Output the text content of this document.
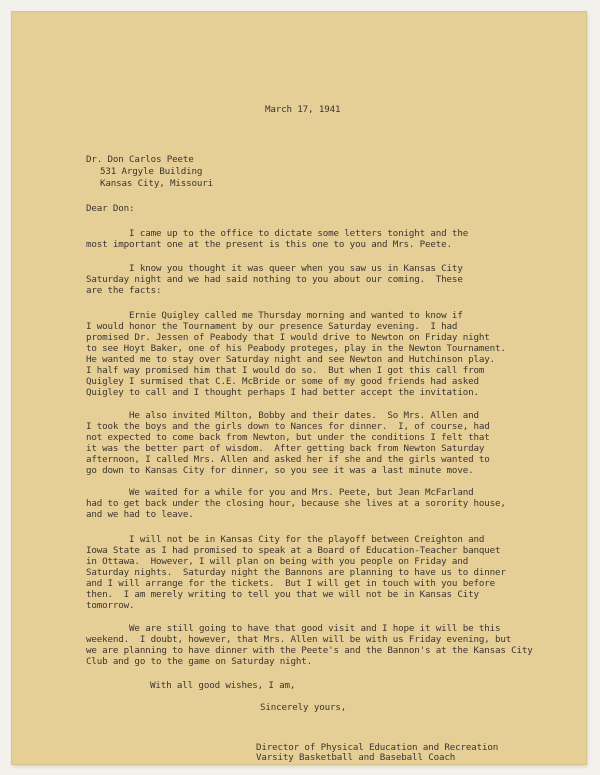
March 17, 1941
Dr. Don Carlos Peete
531 Argyle Building
Kansas City, Missouri
Dear Don:
I came up to the office to dictate some letters tonight and the
most important one at the present is this one to you and Mrs. Peete.
I know you thought it was queer when you saw us in Kansas City
Saturday night and we had said nothing to you about our coming.  These
are the facts:
Ernie Quigley called me Thursday morning and wanted to know if
I would honor the Tournament by our presence Saturday evening.  I had
promised Dr. Jessen of Peabody that I would drive to Newton on Friday night
to see Hoyt Baker, one of his Peabody proteges, play in the Newton Tournament.
He wanted me to stay over Saturday night and see Newton and Hutchinson play.
I half way promised him that I would do so.  But when I got this call from
Quigley I surmised that C.E. McBride or some of my good friends had asked
Quigley to call and I thought perhaps I had better accept the invitation.
He also invited Milton, Bobby and their dates.  So Mrs. Allen and
I took the boys and the girls down to Nances for dinner.  I, of course, had
not expected to come back from Newton, but under the conditions I felt that
it was the better part of wisdom.  After getting back from Newton Saturday
afternoon, I called Mrs. Allen and asked her if she and the girls wanted to
go down to Kansas City for dinner, so you see it was a last minute move.
We waited for a while for you and Mrs. Peete, but Jean McFarland
had to get back under the closing hour, because she lives at a sorority house,
and we had to leave.
I will not be in Kansas City for the playoff between Creighton and
Iowa State as I had promised to speak at a Board of Education-Teacher banquet
in Ottawa.  However, I will plan on being with you people on Friday and
Saturday nights.  Saturday night the Bannons are planning to have us to dinner
and I will arrange for the tickets.  But I will get in touch with you before
then.  I am merely writing to tell you that we will not be in Kansas City
tomorrow.
We are still going to have that good visit and I hope it will be this
weekend.  I doubt, however, that Mrs. Allen will be with us Friday evening, but
we are planning to have dinner with the Peete's and the Bannon's at the Kansas City
Club and go to the game on Saturday night.
With all good wishes, I am,
Sincerely yours,
Director of Physical Education and Recreation
Varsity Basketball and Baseball Coach
